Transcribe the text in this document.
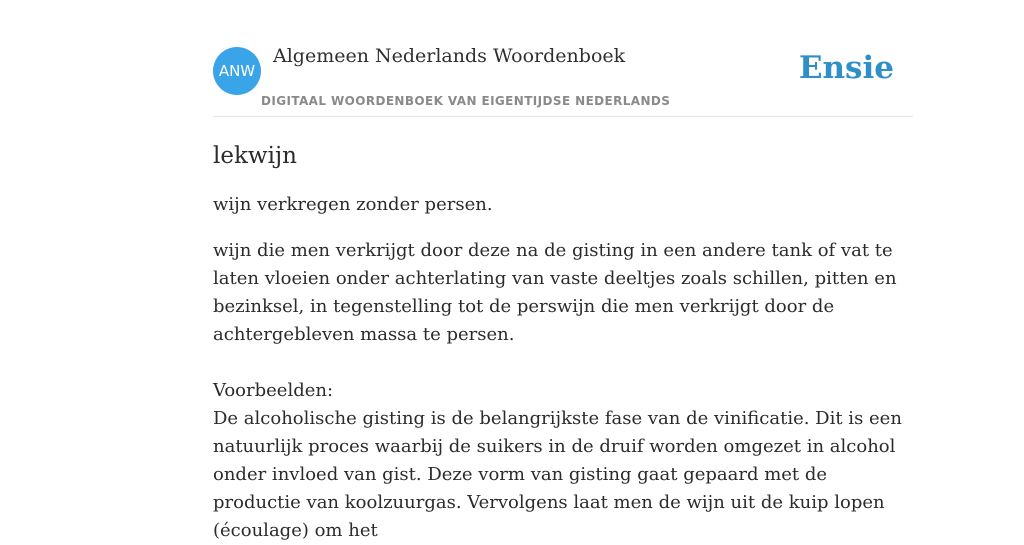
ANW
Algemeen Nederlands Woordenboek
DIGITAAL WOORDENBOEK VAN EIGENTIJDSE NEDERLANDS
Ensie
lekwijn

wijn verkregen zonder persen.

wijn die men verkrijgt door deze na de gisting in een andere tank of vat te laten vloeien onder achterlating van vaste deeltjes zoals schillen, pitten en bezinksel, in tegenstelling tot de perswijn die men verkrijgt door de achtergebleven massa te persen.

Voorbeelden:
De alcoholische gisting is de belangrijkste fase van de vinificatie. Dit is een natuurlijk proces waarbij de suikers in de druif worden omgezet in alcohol onder invloed van gist. Deze vorm van gisting gaat gepaard met de productie van koolzuurgas. Vervolgens laat men de wijn uit de kuip lopen (écoulage) om het
